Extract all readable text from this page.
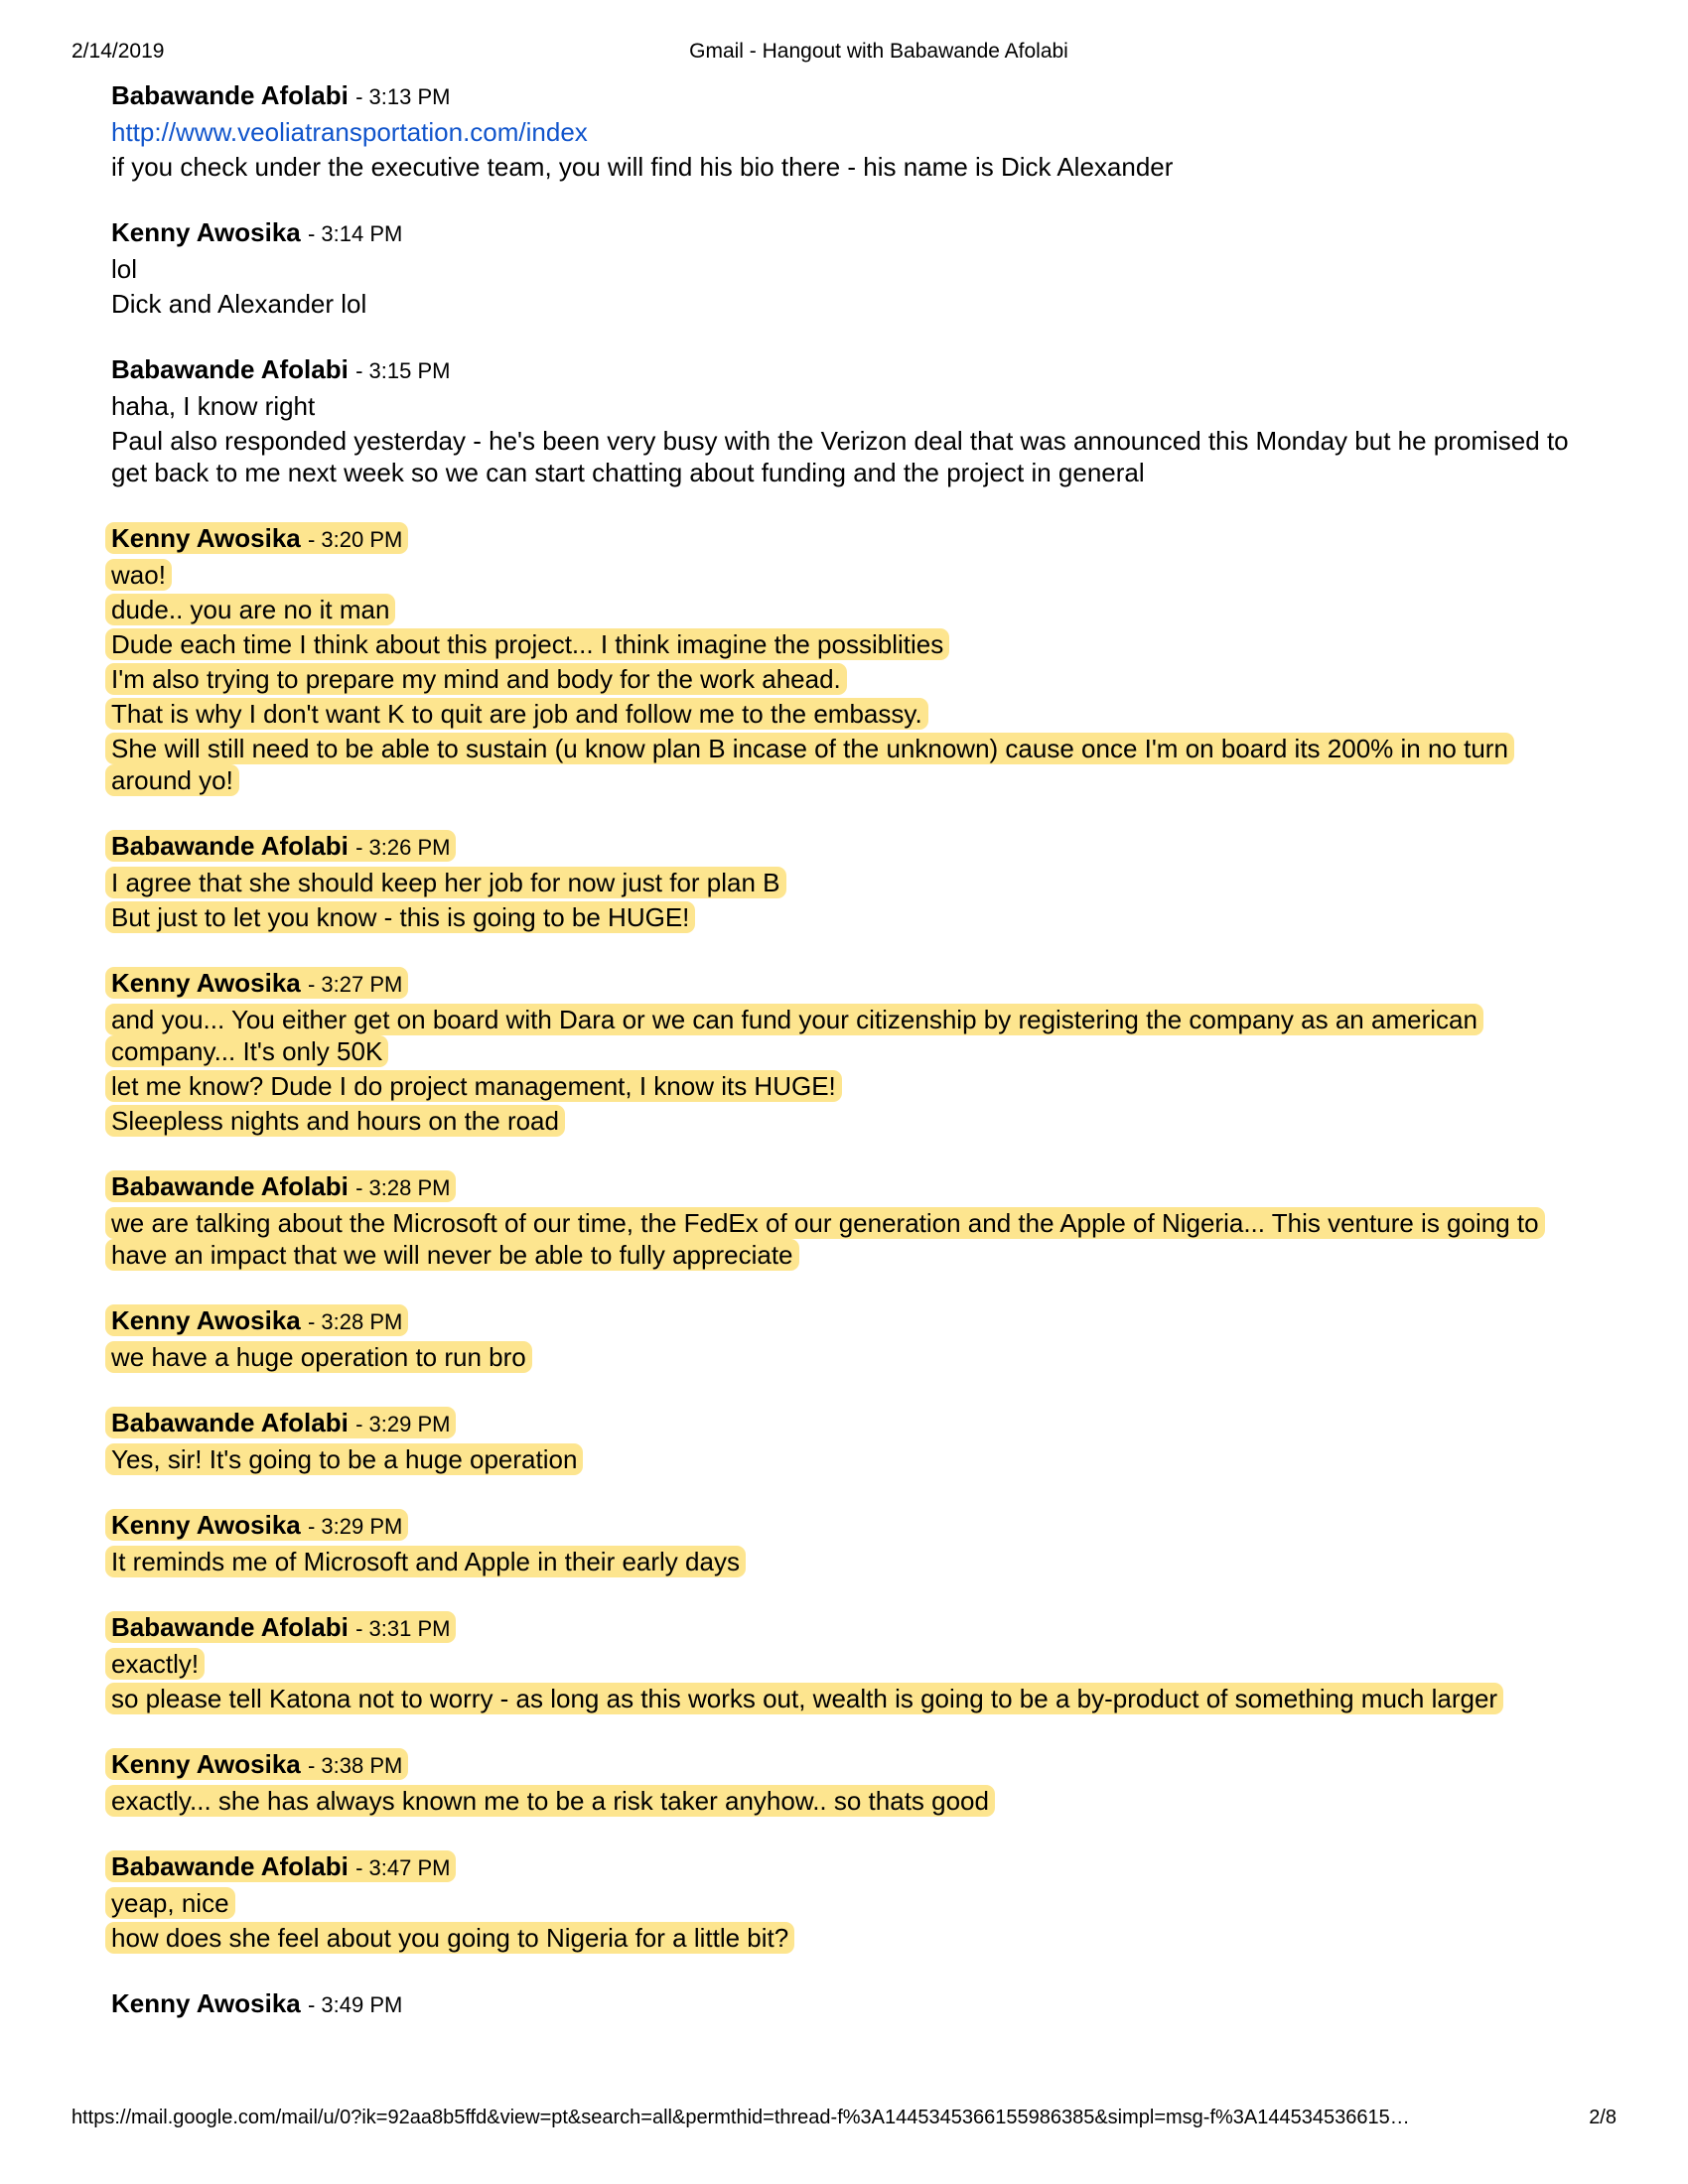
2/14/2019	Gmail - Hangout with Babawande Afolabi
Babawande Afolabi - 3:13 PM
http://www.veoliatransportation.com/index
if you check under the executive team, you will find his bio there - his name is Dick Alexander
Kenny Awosika - 3:14 PM
lol
Dick and Alexander lol
Babawande Afolabi - 3:15 PM
haha, I know right
Paul also responded yesterday - he's been very busy with the Verizon deal that was announced this Monday but he promised to get back to me next week so we can start chatting about funding and the project in general
Kenny Awosika - 3:20 PM
wao!
dude.. you are no it man
Dude each time I think about this project... I think imagine the possiblities
I'm also trying to prepare my mind and body for the work ahead.
That is why I don't want K to quit are job and follow me to the embassy.
She will still need to be able to sustain (u know plan B incase of the unknown) cause once I'm on board its 200% in no turn around yo!
Babawande Afolabi - 3:26 PM
I agree that she should keep her job for now just for plan B
But just to let you know - this is going to be HUGE!
Kenny Awosika - 3:27 PM
and you... You either get on board with Dara or we can fund your citizenship by registering the company as an american company... It's only 50K
let me know? Dude I do project management, I know its HUGE!
Sleepless nights and hours on the road
Babawande Afolabi - 3:28 PM
we are talking about the Microsoft of our time, the FedEx of our generation and the Apple of Nigeria... This venture is going to have an impact that we will never be able to fully appreciate
Kenny Awosika - 3:28 PM
we have a huge operation to run bro
Babawande Afolabi - 3:29 PM
Yes, sir! It's going to be a huge operation
Kenny Awosika - 3:29 PM
It reminds me of Microsoft and Apple in their early days
Babawande Afolabi - 3:31 PM
exactly!
so please tell Katona not to worry - as long as this works out, wealth is going to be a by-product of something much larger
Kenny Awosika - 3:38 PM
exactly... she has always known me to be a risk taker anyhow.. so thats good
Babawande Afolabi - 3:47 PM
yeap, nice
how does she feel about you going to Nigeria for a little bit?
Kenny Awosika - 3:49 PM
https://mail.google.com/mail/u/0?ik=92aa8b5ffd&view=pt&search=all&permthid=thread-f%3A1445345366155986385&simpl=msg-f%3A144534536615…	2/8
